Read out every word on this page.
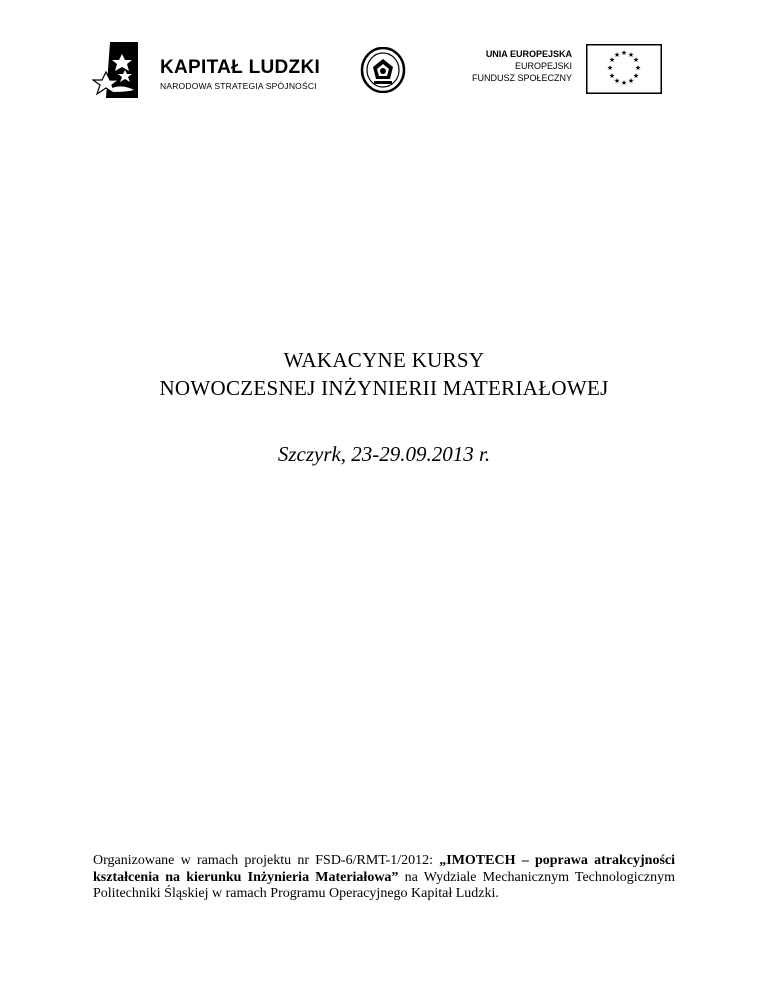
KAPITAŁ LUDZKI
NARODOWA STRATEGIA SPÓJNOŚCI
UNIA EUROPEJSKA
EUROPEJSKI
FUNDUSZ SPOŁECZNY
★ ★
★
★
★
★
★
★
★
★
★
★
WAKACYNE KURSY
NOWOCZESNEJ INŻYNIERII MATERIAŁOWEJ
Szczyrk, 23-29.09.2013 r.
Organizowane w ramach projektu nr FSD-6/RMT-1/2012: „IMOTECH – poprawa atrakcyjności kształcenia na kierunku Inżynieria Materiałowa” na Wydziale Mechanicznym Technologicznym Politechniki Śląskiej w ramach Programu Operacyjnego Kapitał Ludzki.
